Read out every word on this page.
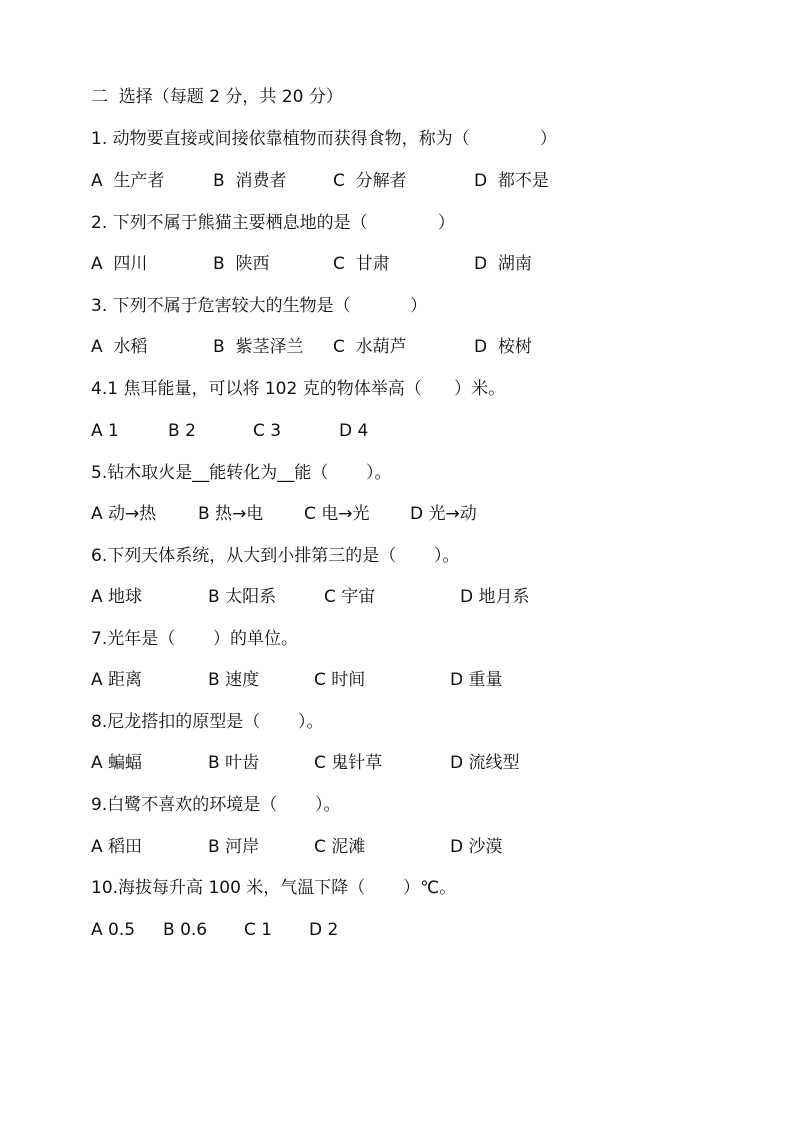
二  选择（每题 2 分，共 20 分）
1. 动物要直接或间接依靠植物而获得食物，称为（             ）
A  生产者	B  消费者	C  分解者	D  都不是
2. 下列不属于熊猫主要栖息地的是（             ）
A  四川	B  陕西	C  甘肃	D  湖南
3. 下列不属于危害较大的生物是（           ）
A  水稻	B  紫茎泽兰 C  水葫芦	D  桉树
4.1 焦耳能量，可以将 102 克的物体举高（      ）米。
A 1	B 2	C 3	D 4
5.钻木取火是__能转化为__能（       ）。
A 动→热 B 热→电 C 电→光 D 光→动
6.下列天体系统，从大到小排第三的是（       ）。
A 地球	B 太阳系	C 宇宙	D 地月系
7.光年是（       ）的单位。
A 距离	B 速度	C 时间	D 重量
8.尼龙搭扣的原型是（       ）。
A 蝙蝠	B 叶齿	C 鬼针草	D 流线型
9.白鹭不喜欢的环境是（       ）。
A 稻田	B 河岸	C 泥滩	D 沙漠
10.海拔每升高 100 米，气温下降（       ）℃。
A 0.5 B 0.6 C 1 D 2
